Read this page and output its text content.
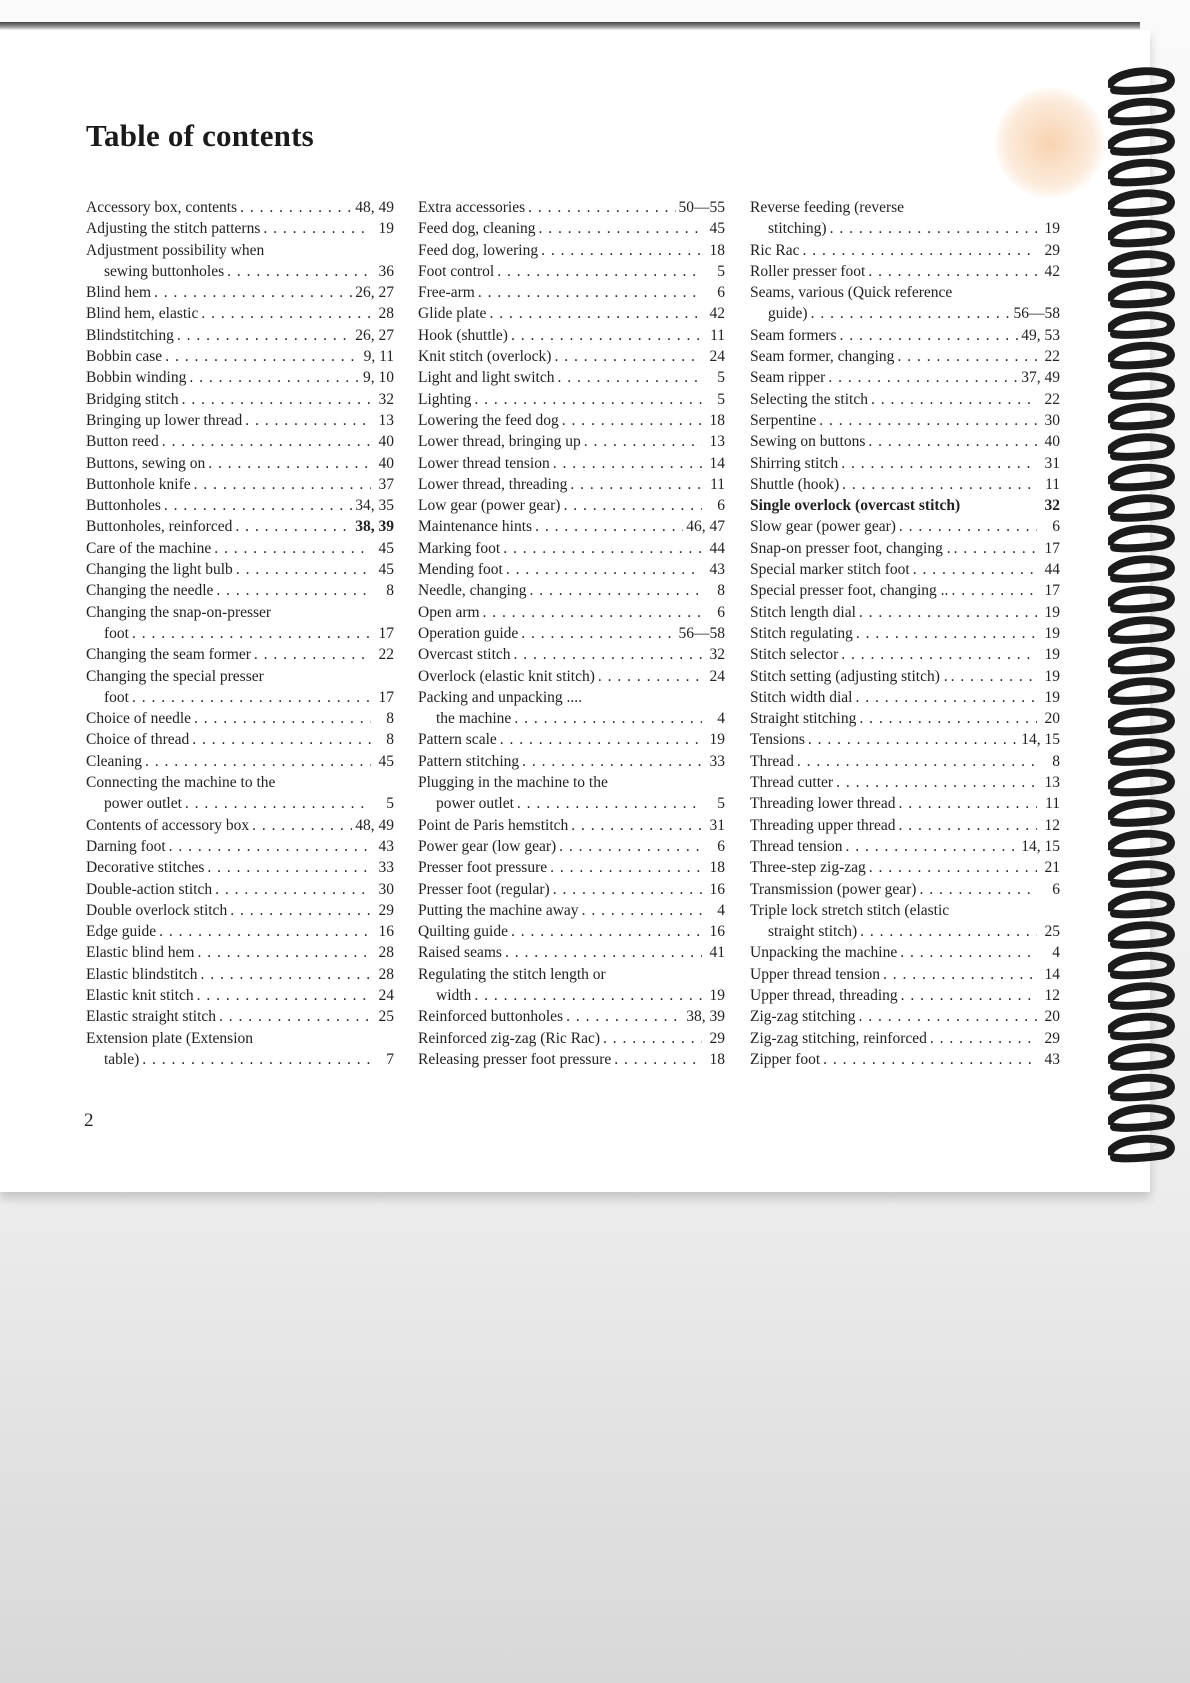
Table of contents
Accessory box, contents . . .	48, 49
Adjusting the stitch patterns . . .	19
Adjustment possibility when
sewing buttonholes . . .	36
Blind hem . . .	26, 27
Blind hem, elastic . . .	28
Blindstitching . . .	26, 27
Bobbin case . . .	9, 11
Bobbin winding . . .	9, 10
Bridging stitch . . .	32
Bringing up lower thread . . .	13
Button reed . . .	40
Buttons, sewing on . . .	40
Buttonhole knife . . .	37
Buttonholes . . .	34, 35
Buttonholes, reinforced . . .	38, 39
Care of the machine . . .	45
Changing the light bulb . . .	45
Changing the needle . . .	8
Changing the snap-on-presser
foot . . .	17
Changing the seam former . . .	22
Changing the special presser
foot . . .	17
Choice of needle . . .	8
Choice of thread . . .	8
Cleaning . . .	45
Connecting the machine to the
power outlet . . .	5
Contents of accessory box . . .	48, 49
Darning foot . . .	43
Decorative stitches . . .	33
Double-action stitch . . .	30
Double overlock stitch . . .	29
Edge guide . . .	16
Elastic blind hem . . .	28
Elastic blindstitch . . .	28
Elastic knit stitch . . .	24
Elastic straight stitch . . .	25
Extension plate (Extension
table) . . .	7
Extra accessories . . .	50—55
Feed dog, cleaning . . .	45
Feed dog, lowering . . .	18
Foot control . . .	5
Free-arm . . .	6
Glide plate . . .	42
Hook (shuttle) . . .	11
Knit stitch (overlock) . . .	24
Light and light switch . . .	5
Lighting . . .	5
Lowering the feed dog . . .	18
Lower thread, bringing up . . .	13
Lower thread tension . . .	14
Lower thread, threading . . .	11
Low gear (power gear) . . .	6
Maintenance hints . . .	46, 47
Marking foot . . .	44
Mending foot . . .	43
Needle, changing . . .	8
Open arm . . .	6
Operation guide . . .	56—58
Overcast stitch . . .	32
Overlock (elastic knit stitch) . . .	24
Packing and unpacking ....
the machine . . .	4
Pattern scale . . .	19
Pattern stitching . . .	33
Plugging in the machine to the
power outlet . . .	5
Point de Paris hemstitch . . .	31
Power gear (low gear) . . .	6
Presser foot pressure . . .	18
Presser foot (regular) . . .	16
Putting the machine away . . .	4
Quilting guide . . .	16
Raised seams . . .	41
Regulating the stitch length or
width . . .	19
Reinforced buttonholes . . .	38, 39
Reinforced zig-zag (Ric Rac) . . .	29
Releasing presser foot pressure . . .	18
Reverse feeding (reverse
stitching) . . .	19
Ric Rac . . .	29
Roller presser foot . . .	42
Seams, various (Quick reference
guide) . . .	56—58
Seam formers . . .	49, 53
Seam former, changing . . .	22
Seam ripper . . .	37, 49
Selecting the stitch . . .	22
Serpentine . . .	30
Sewing on buttons . . .	40
Shirring stitch . . .	31
Shuttle (hook) . . .	11
Single overlock (overcast stitch)	32
Slow gear (power gear) . . .	6
Snap-on presser foot, changing . . . .	17
Special marker stitch foot . . .	44
Special presser foot, changing .. . . .	17
Stitch length dial . . .	19
Stitch regulating . . .	19
Stitch selector . . .	19
Stitch setting (adjusting stitch) . . . .	19
Stitch width dial . . .	19
Straight stitching . . .	20
Tensions . . .	14, 15
Thread . . .	8
Thread cutter . . .	13
Threading lower thread . . .	11
Threading upper thread . . .	12
Thread tension . . .	14, 15
Three-step zig-zag . . .	21
Transmission (power gear) . . .	6
Triple lock stretch stitch (elastic
straight stitch) . . .	25
Unpacking the machine . . .	4
Upper thread tension . . .	14
Upper thread, threading . . .	12
Zig-zag stitching . . .	20
Zig-zag stitching, reinforced . . .	29
Zipper foot . . .	43
2
